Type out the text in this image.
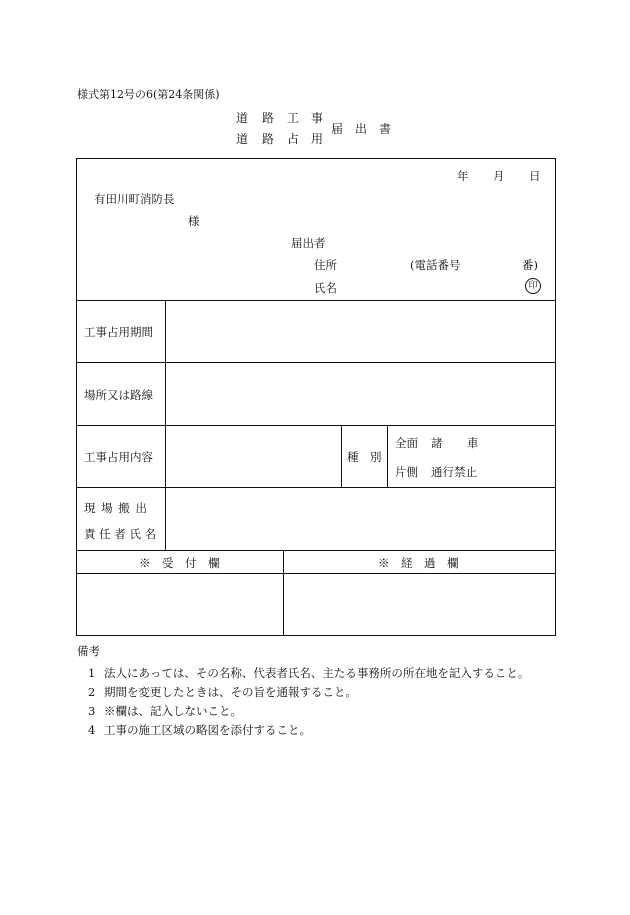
様式第12号の6(第24条関係)
道 路 工 事
道 路 占 用
届 出 書
年 月 日
有田川町消防長
様
届出者
住所	(電話番号	番)
氏名	印
工事占用期間
場所又は路線
工事占用内容	種　別
全面 諸 車
片側 通行禁止
現 場 搬 出
責 任 者 氏 名
※　受　付　欄	※　経　過　欄
備考
1 法人にあっては、その名称、代表者氏名、主たる事務所の所在地を記入すること。
2 期間を変更したときは、その旨を通報すること。
3 ※欄は、記入しないこと。
4 工事の施工区域の略図を添付すること。
